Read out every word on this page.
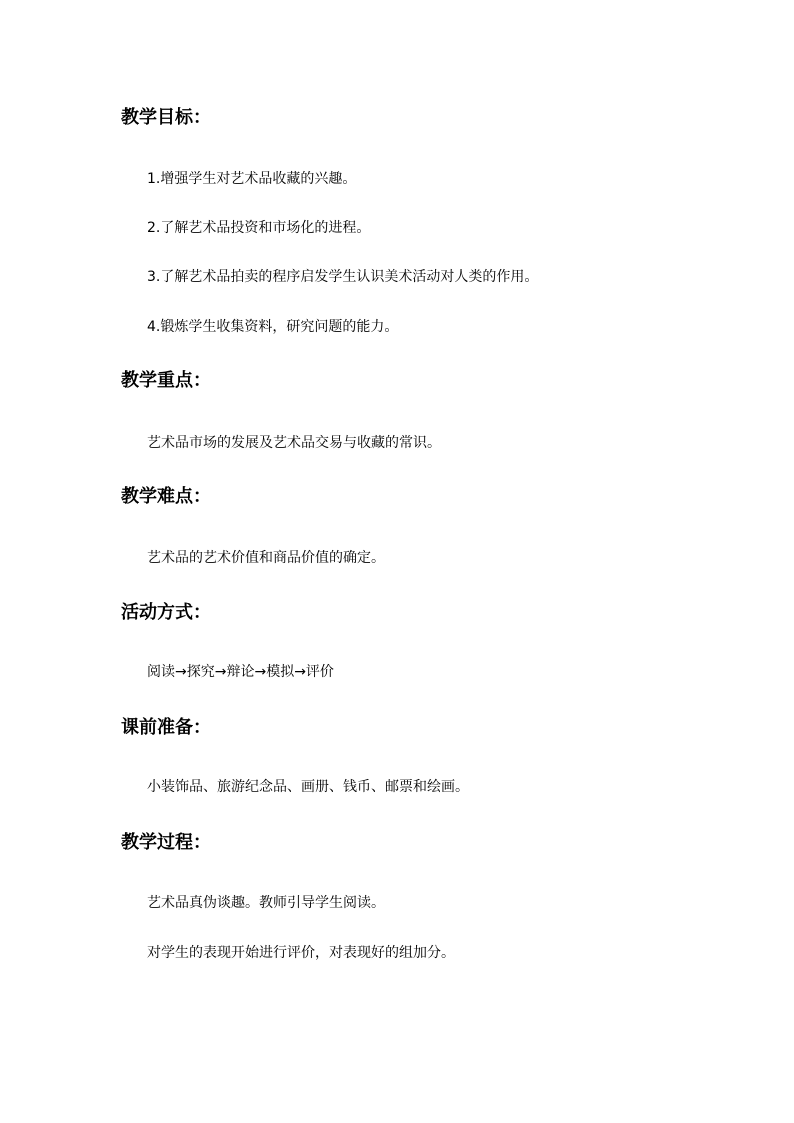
教学目标：

1.增强学生对艺术品收藏的兴趣。

2.了解艺术品投资和市场化的进程。

3.了解艺术品拍卖的程序启发学生认识美术活动对人类的作用。

4.锻炼学生收集资料，研究问题的能力。

教学重点：

艺术品市场的发展及艺术品交易与收藏的常识。

教学难点：

艺术品的艺术价值和商品价值的确定。

活动方式：

阅读→探究→辩论→模拟→评价

课前准备：

小装饰品、旅游纪念品、画册、钱币、邮票和绘画。

教学过程：

艺术品真伪谈趣。教师引导学生阅读。

对学生的表现开始进行评价，对表现好的组加分。
